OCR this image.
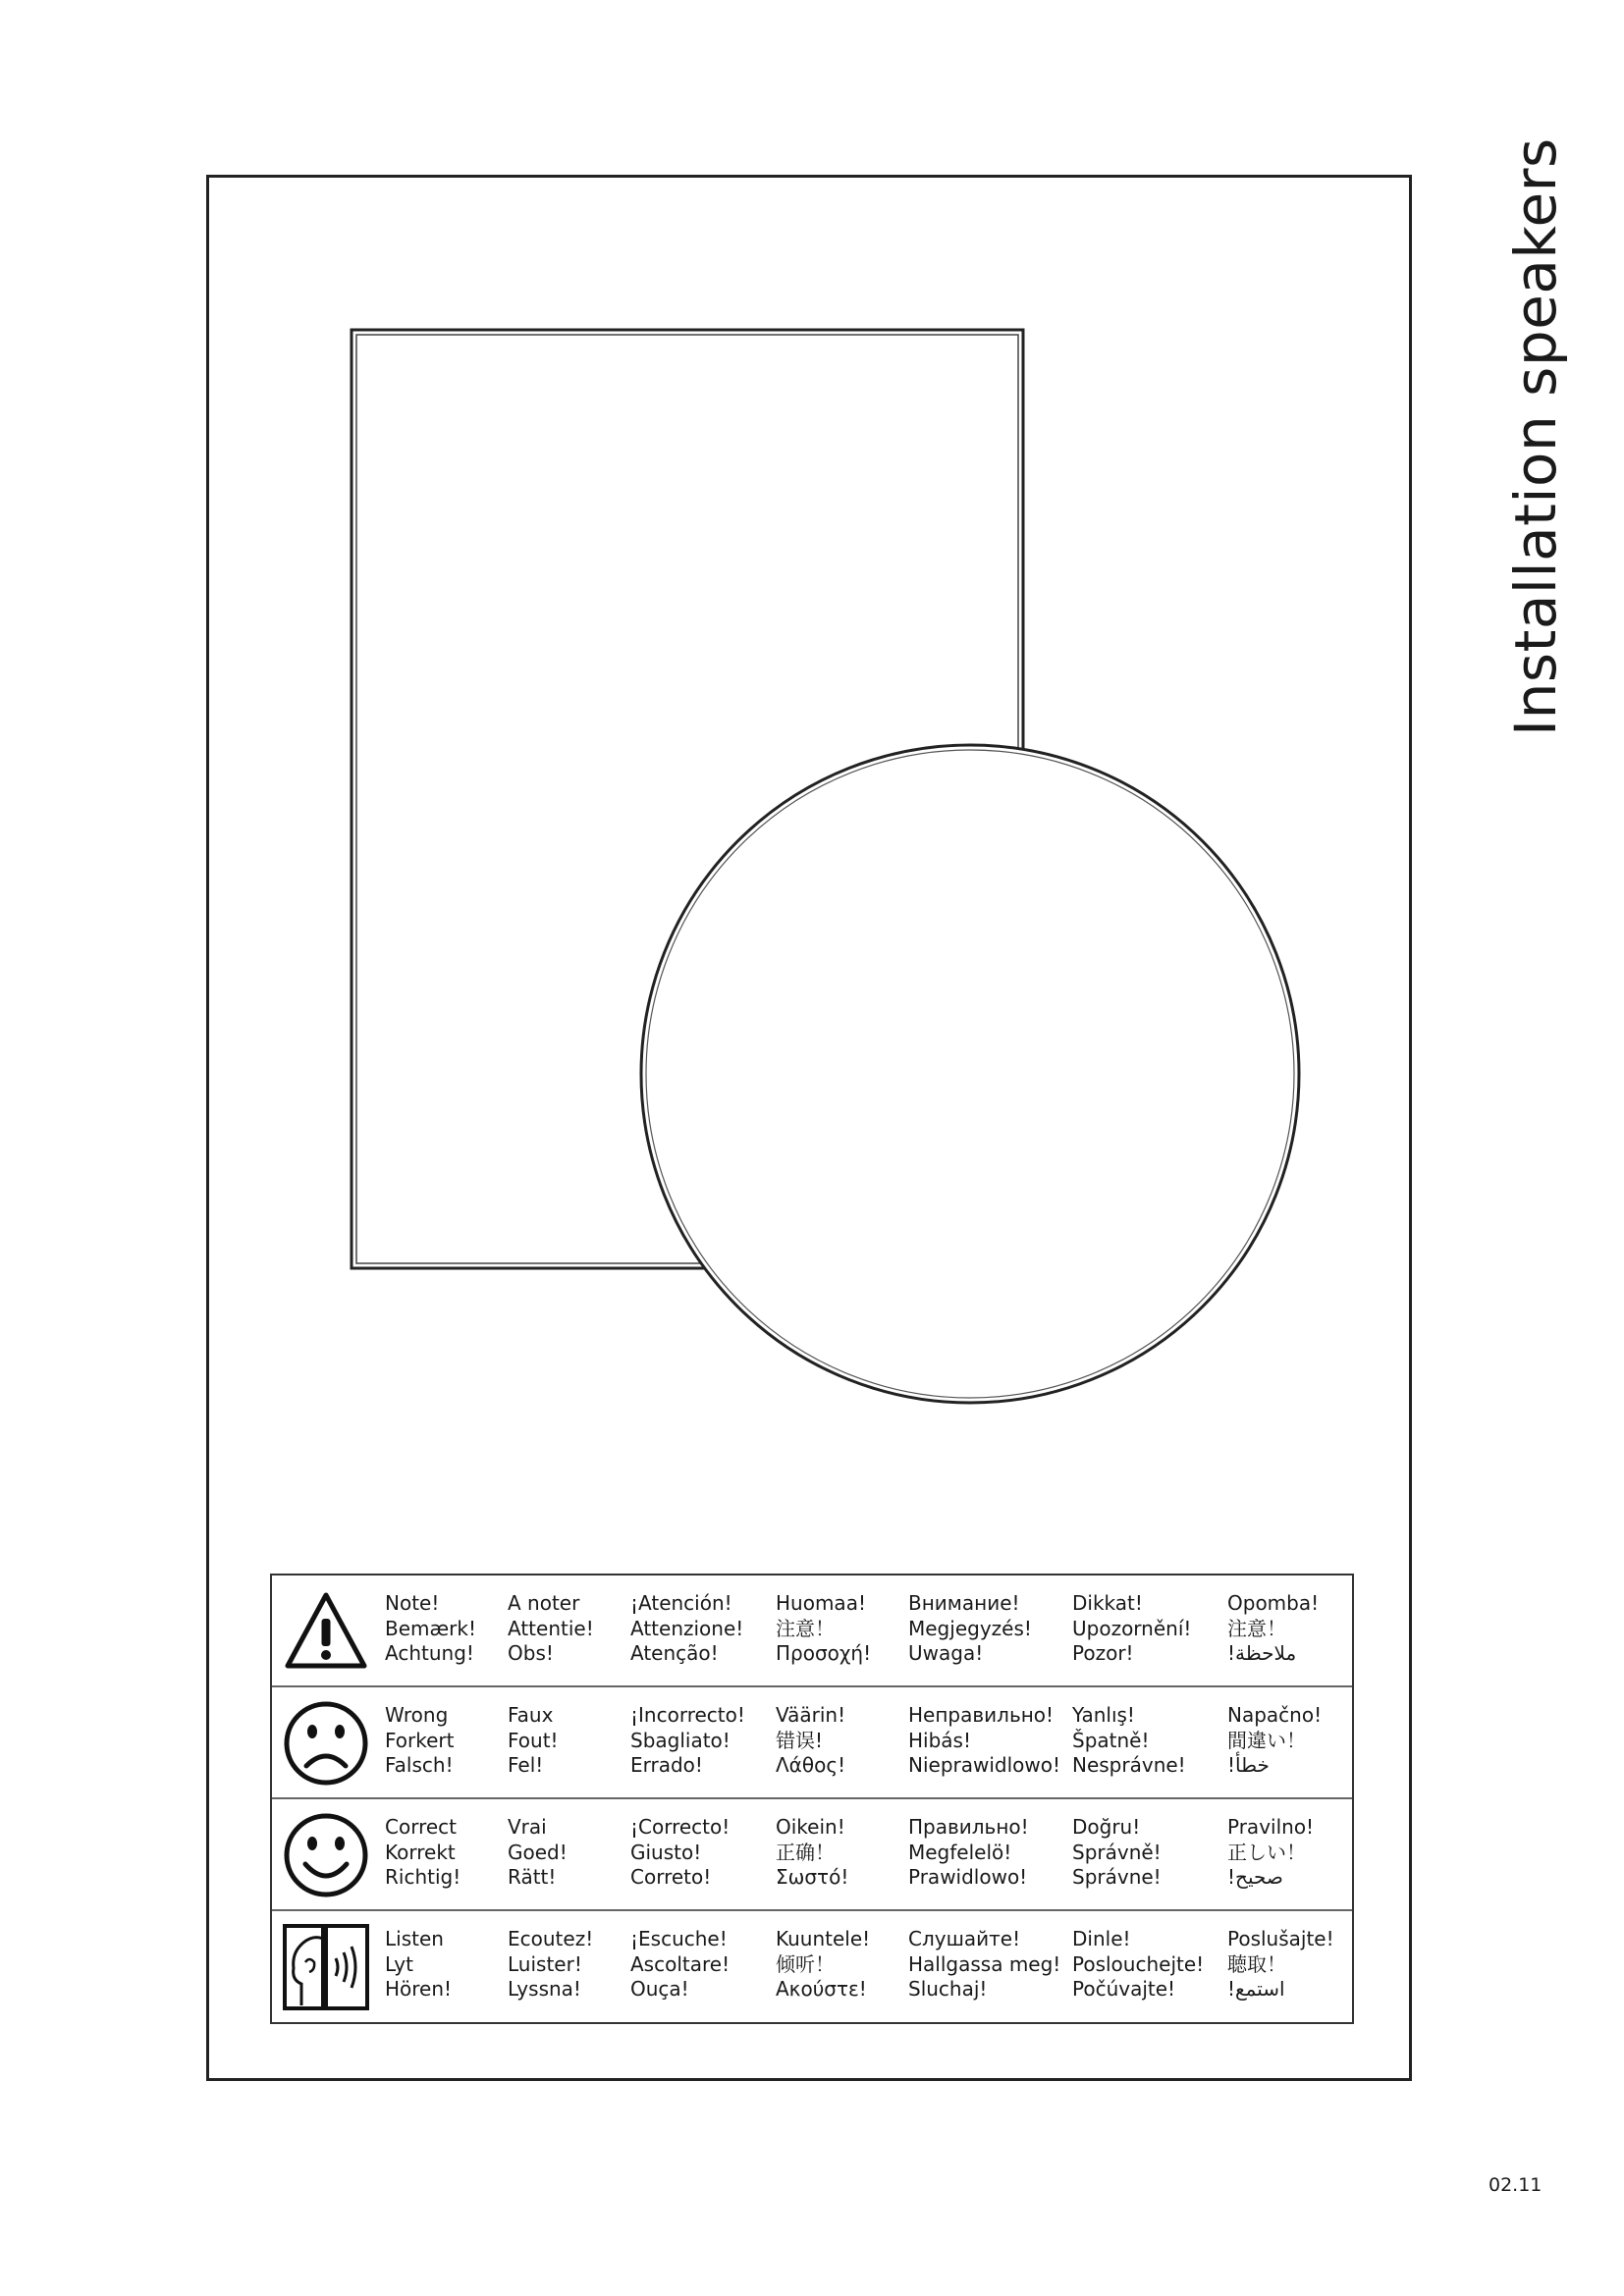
Installation speakers
Note!
Bemærk!
Achtung!
A noter
Attentie!
Obs!
¡Atención!
Attenzione!
Atenção!
Huomaa!
注意！
Προσοχή!
Внимание!
Megjegyzés!
Uwaga!
Dikkat!
Upozornění!
Pozor!
Opomba!
注意！
!ملاحظة
Wrong
Forkert
Falsch!
Faux
Fout!
Fel!
¡Incorrecto!
Sbagliato!
Errado!
Väärin!
错误!
Λάθος!
Неправильно!
Hibás!
Nieprawidlowo!
Yanlış!
Špatně!
Nesprávne!
Napačno!
間違い！
!خطأ
Correct
Korrekt
Richtig!
Vrai
Goed!
Rätt!
¡Correcto!
Giusto!
Correto!
Oikein!
正确！
Σωστό!
Правильно!
Megfelelö!
Prawidlowo!
Doğru!
Správně!
Správne!
Pravilno!
正しい！
!صحيح
Listen
Lyt
Hören!
Ecoutez!
Luister!
Lyssna!
¡Escuche!
Ascoltare!
Ouça!
Kuuntele!
倾听！
Ακούστε!
Слушайте!
Hallgassa meg!
Sluchaj!
Dinle!
Poslouchejte!
Počúvajte!
Poslušajte!
聴取！
!استمع
02.11
